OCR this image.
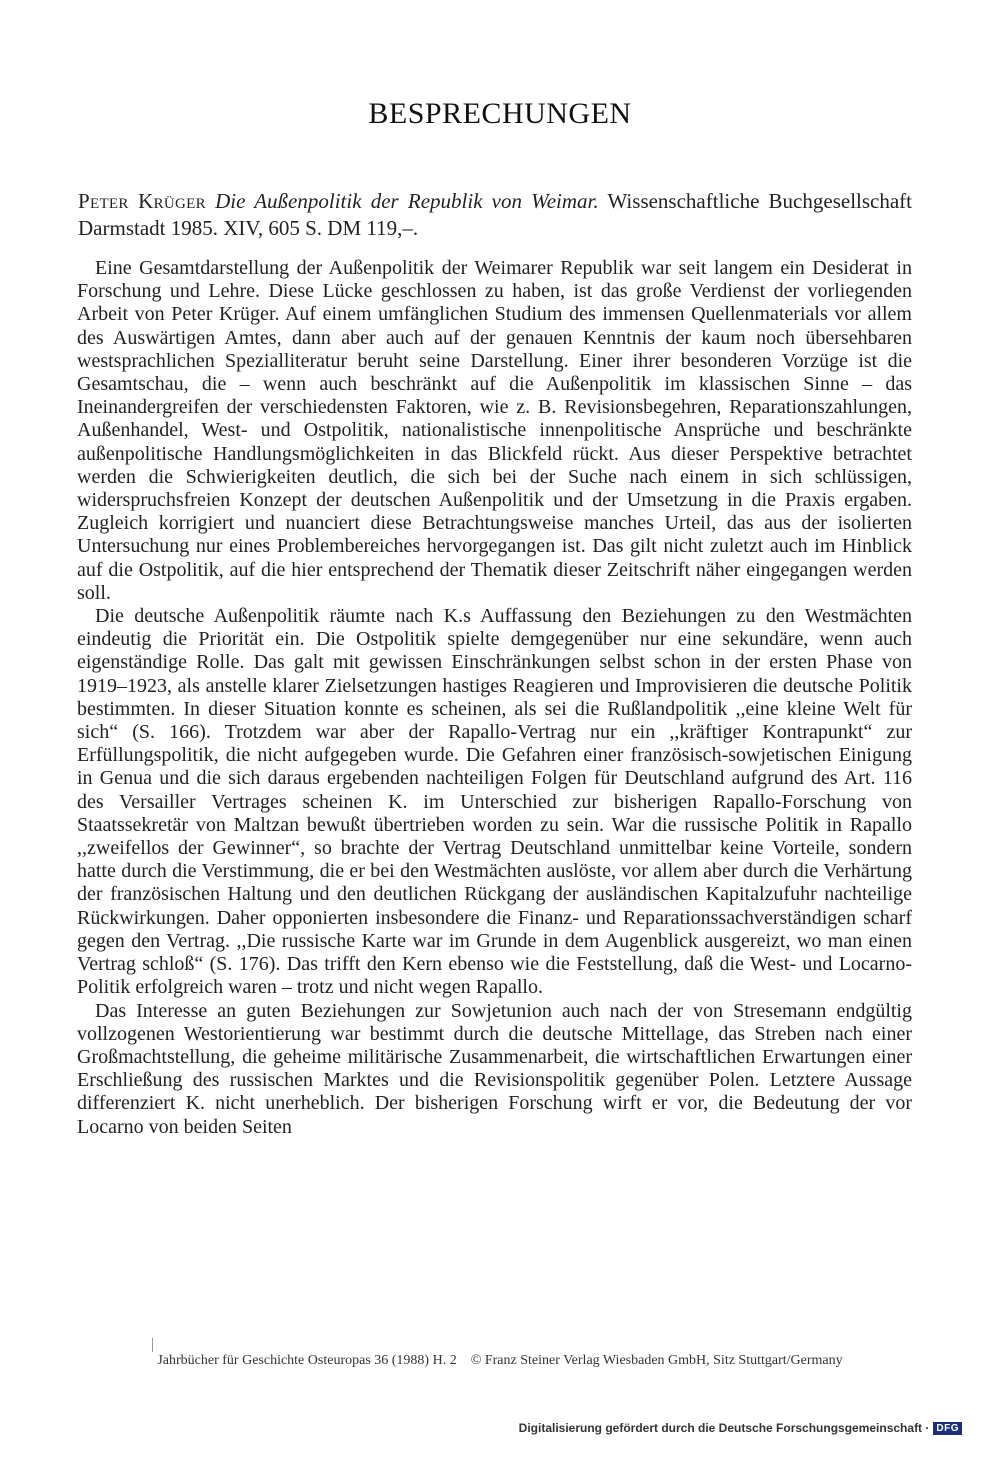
BESPRECHUNGEN
Peter Krüger Die Außenpolitik der Republik von Weimar. Wissenschaftliche Buchgesellschaft Darmstadt 1985. XIV, 605 S. DM 119,–.

Eine Gesamtdarstellung der Außenpolitik der Weimarer Republik war seit langem ein Desiderat in Forschung und Lehre. Diese Lücke geschlossen zu haben, ist das große Verdienst der vorliegenden Arbeit von Peter Krüger. Auf einem umfänglichen Studium des immensen Quellenmaterials vor allem des Auswärtigen Amtes, dann aber auch auf der genauen Kenntnis der kaum noch übersehbaren westsprachlichen Spezialliteratur beruht seine Darstellung. Einer ihrer besonderen Vorzüge ist die Gesamtschau, die – wenn auch beschränkt auf die Außenpolitik im klassischen Sinne – das Ineinandergreifen der verschiedensten Faktoren, wie z. B. Revisionsbegehren, Reparationszahlungen, Außenhandel, West- und Ostpolitik, nationalistische innenpolitische Ansprüche und beschränkte außenpolitische Handlungsmöglichkeiten in das Blickfeld rückt. Aus dieser Perspektive betrachtet werden die Schwierigkeiten deutlich, die sich bei der Suche nach einem in sich schlüssigen, widerspruchsfreien Konzept der deutschen Außenpolitik und der Umsetzung in die Praxis ergaben. Zugleich korrigiert und nuanciert diese Betrachtungsweise manches Urteil, das aus der isolierten Untersuchung nur eines Problembereiches hervorgegangen ist. Das gilt nicht zuletzt auch im Hinblick auf die Ostpolitik, auf die hier entsprechend der Thematik dieser Zeitschrift näher eingegangen werden soll.

Die deutsche Außenpolitik räumte nach K.s Auffassung den Beziehungen zu den Westmächten eindeutig die Priorität ein. Die Ostpolitik spielte demgegenüber nur eine sekundäre, wenn auch eigenständige Rolle. Das galt mit gewissen Einschränkungen selbst schon in der ersten Phase von 1919–1923, als anstelle klarer Zielsetzungen hastiges Reagieren und Improvisieren die deutsche Politik bestimmten. In dieser Situation konnte es scheinen, als sei die Rußlandpolitik ,,eine kleine Welt für sich“ (S. 166). Trotzdem war aber der Rapallo-Vertrag nur ein ,,kräftiger Kontrapunkt“ zur Erfüllungspolitik, die nicht aufgegeben wurde. Die Gefahren einer französisch-sowjetischen Einigung in Genua und die sich daraus ergebenden nachteiligen Folgen für Deutschland aufgrund des Art. 116 des Versailler Vertrages scheinen K. im Unterschied zur bisherigen Rapallo-Forschung von Staatssekretär von Maltzan bewußt übertrieben worden zu sein. War die russische Politik in Rapallo ,,zweifellos der Gewinner“, so brachte der Vertrag Deutschland unmittelbar keine Vorteile, sondern hatte durch die Verstimmung, die er bei den Westmächten auslöste, vor allem aber durch die Verhärtung der französischen Haltung und den deutlichen Rückgang der ausländischen Kapitalzufuhr nachteilige Rückwirkungen. Daher opponierten insbesondere die Finanz- und Reparationssachverständigen scharf gegen den Vertrag. ,,Die russische Karte war im Grunde in dem Augenblick ausgereizt, wo man einen Vertrag schloß“ (S. 176). Das trifft den Kern ebenso wie die Feststellung, daß die West- und Locarno-Politik erfolgreich waren – trotz und nicht wegen Rapallo.

Das Interesse an guten Beziehungen zur Sowjetunion auch nach der von Stresemann endgültig vollzogenen Westorientierung war bestimmt durch die deutsche Mittellage, das Streben nach einer Großmachtstellung, die geheime militärische Zusammenarbeit, die wirtschaftlichen Erwartungen einer Erschließung des russischen Marktes und die Revisionspolitik gegenüber Polen. Letztere Aussage differenziert K. nicht unerheblich. Der bisherigen Forschung wirft er vor, die Bedeutung der vor Locarno von beiden Seiten

Jahrbücher für Geschichte Osteuropas 36 (1988) H. 2 © Franz Steiner Verlag Wiesbaden GmbH, Sitz Stuttgart/Germany
Digitalisierung gefördert durch die Deutsche Forschungsgemeinschaft · DFG
